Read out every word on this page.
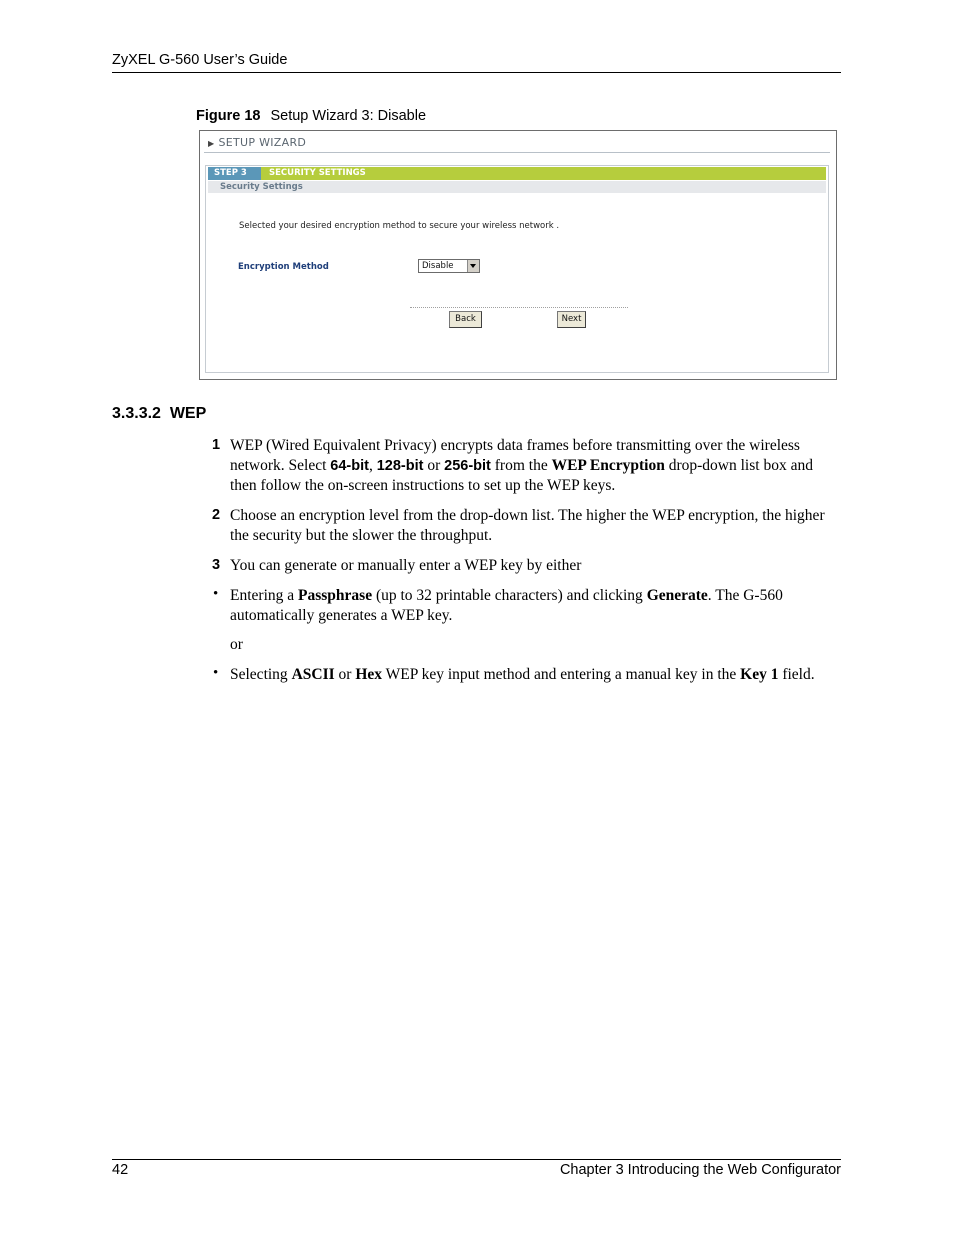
ZyXEL G-560 User’s Guide
Figure 18 Setup Wizard 3: Disable
▶ SETUP WIZARD
STEP 3	SECURITY SETTINGS
Security Settings
Selected your desired encryption method to secure your wireless network .
Encryption Method	Disable
Back	Next
3.3.3.2 WEP
1 WEP (Wired Equivalent Privacy) encrypts data frames before transmitting over the wireless network. Select 64-bit, 128-bit or 256-bit from the WEP Encryption drop-down list box and then follow the on-screen instructions to set up the WEP keys.
2 Choose an encryption level from the drop-down list. The higher the WEP encryption, the higher the security but the slower the throughput.
3 You can generate or manually enter a WEP key by either
• Entering a Passphrase (up to 32 printable characters) and clicking Generate. The G-560 automatically generates a WEP key.
or
• Selecting ASCII or Hex WEP key input method and entering a manual key in the Key 1 field.
42	Chapter 3 Introducing the Web Configurator
